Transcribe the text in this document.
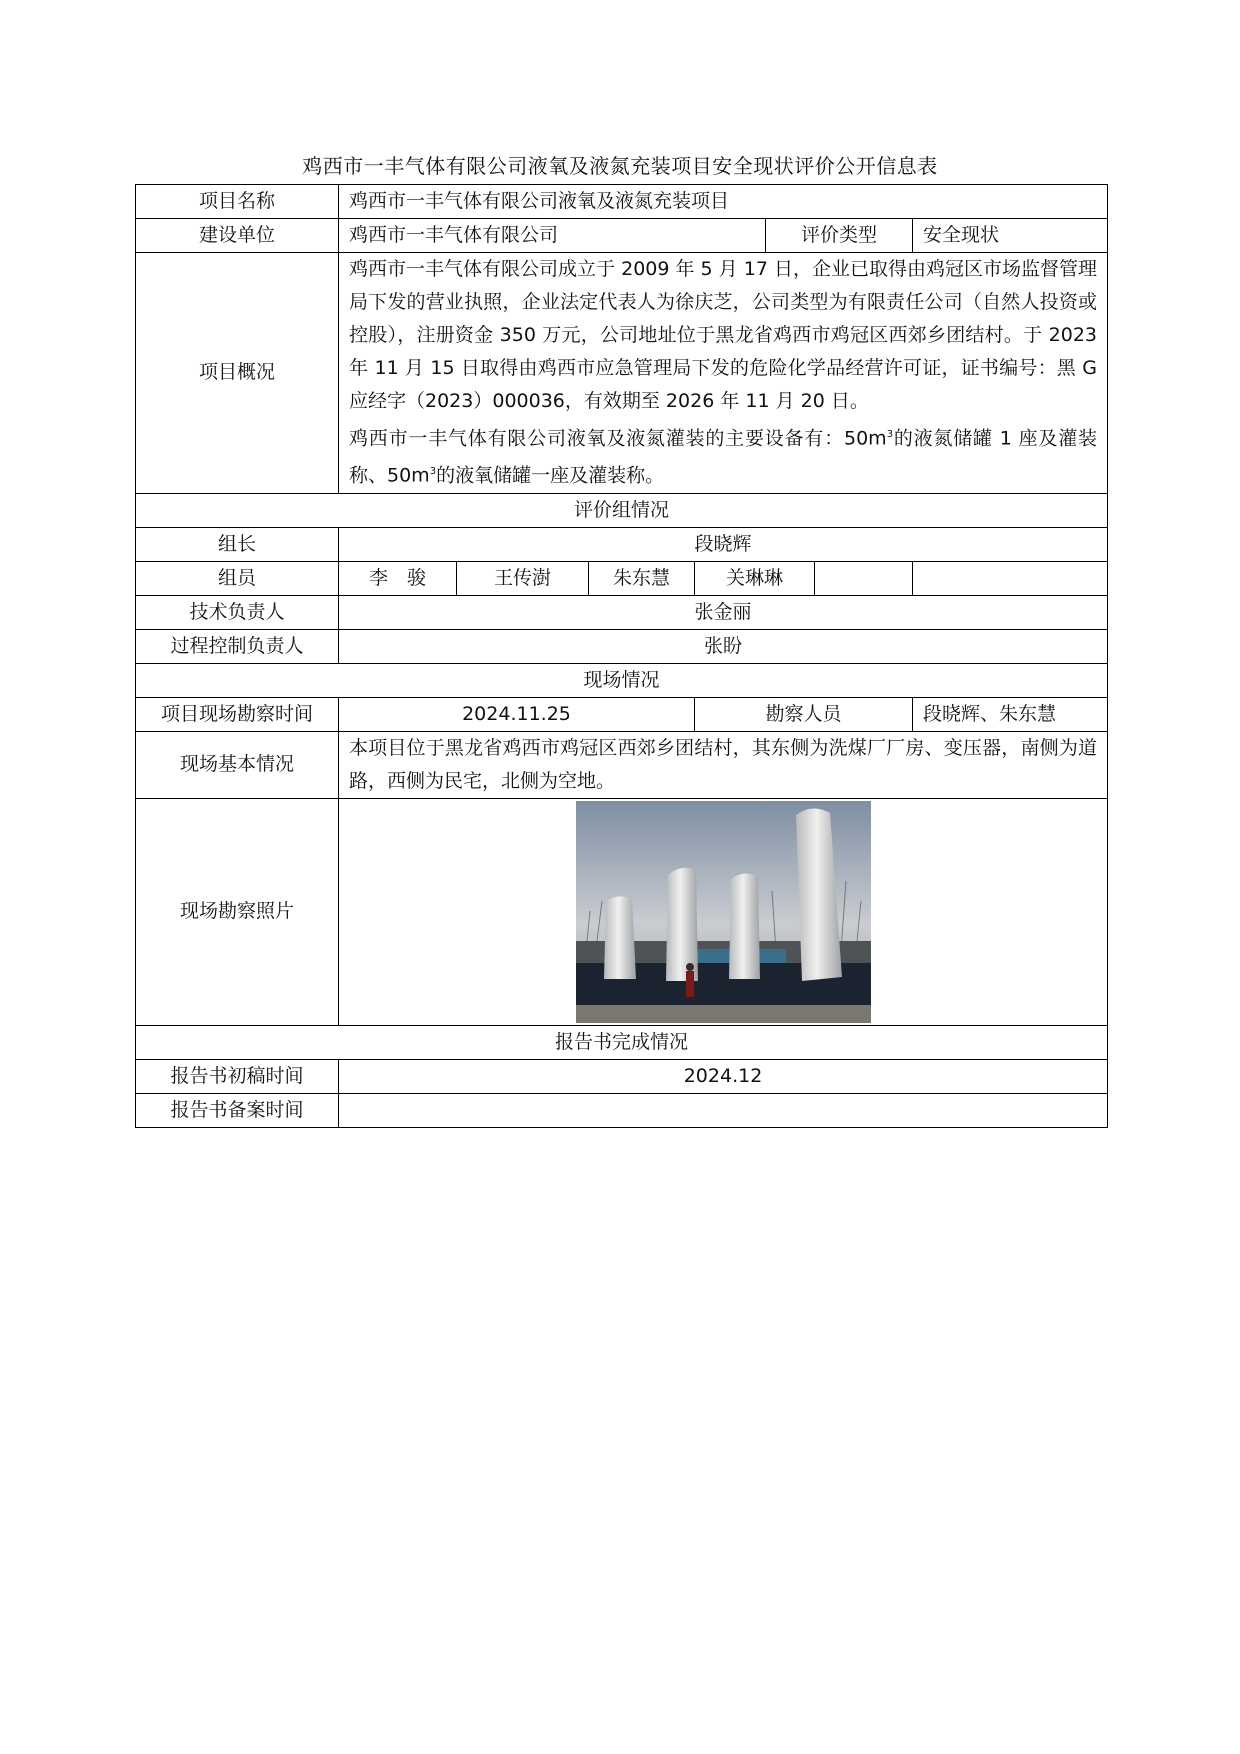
鸡西市一丰气体有限公司液氧及液氮充装项目安全现状评价公开信息表
项目名称	鸡西市一丰气体有限公司液氧及液氮充装项目						
建设单位	鸡西市一丰气体有限公司				评价类型		安全现状
项目概况	鸡西市一丰气体有限公司成立于 2009 年 5 月 17 日，企业已取得由鸡冠区市场监督管理局下发的营业执照，企业法定代表人为徐庆芝，公司类型为有限责任公司（自然人投资或控股），注册资金 350 万元，公司地址位于黑龙省鸡西市鸡冠区西郊乡团结村。于 2023 年 11 月 15 日取得由鸡西市应急管理局下发的危险化学品经营许可证，证书编号：黑 G 应经字（2023）000036，有效期至 2026 年 11 月 20 日。

鸡西市一丰气体有限公司液氧及液氮灌装的主要设备有：$50m^3$的液氮储罐 1 座及灌装称、$50m^3$的液氧储罐一座及灌装称。						

评价组情况							
组长	段晓辉						
组员	李　骏	王传澍	朱东慧	关琳琳			
技术负责人	张金丽						
过程控制负责人	张盼						
现场情况							
项目现场勘察时间	2024.11.25			勘察人员			段晓辉、朱东慧
现场基本情况	本项目位于黑龙省鸡西市鸡冠区西郊乡团结村，其东侧为洗煤厂厂房、变压器，南侧为道路，西侧为民宅，北侧为空地。						
现场勘察照片	
报告书完成情况							
报告书初稿时间	2024.12						
报告书备案时间							
